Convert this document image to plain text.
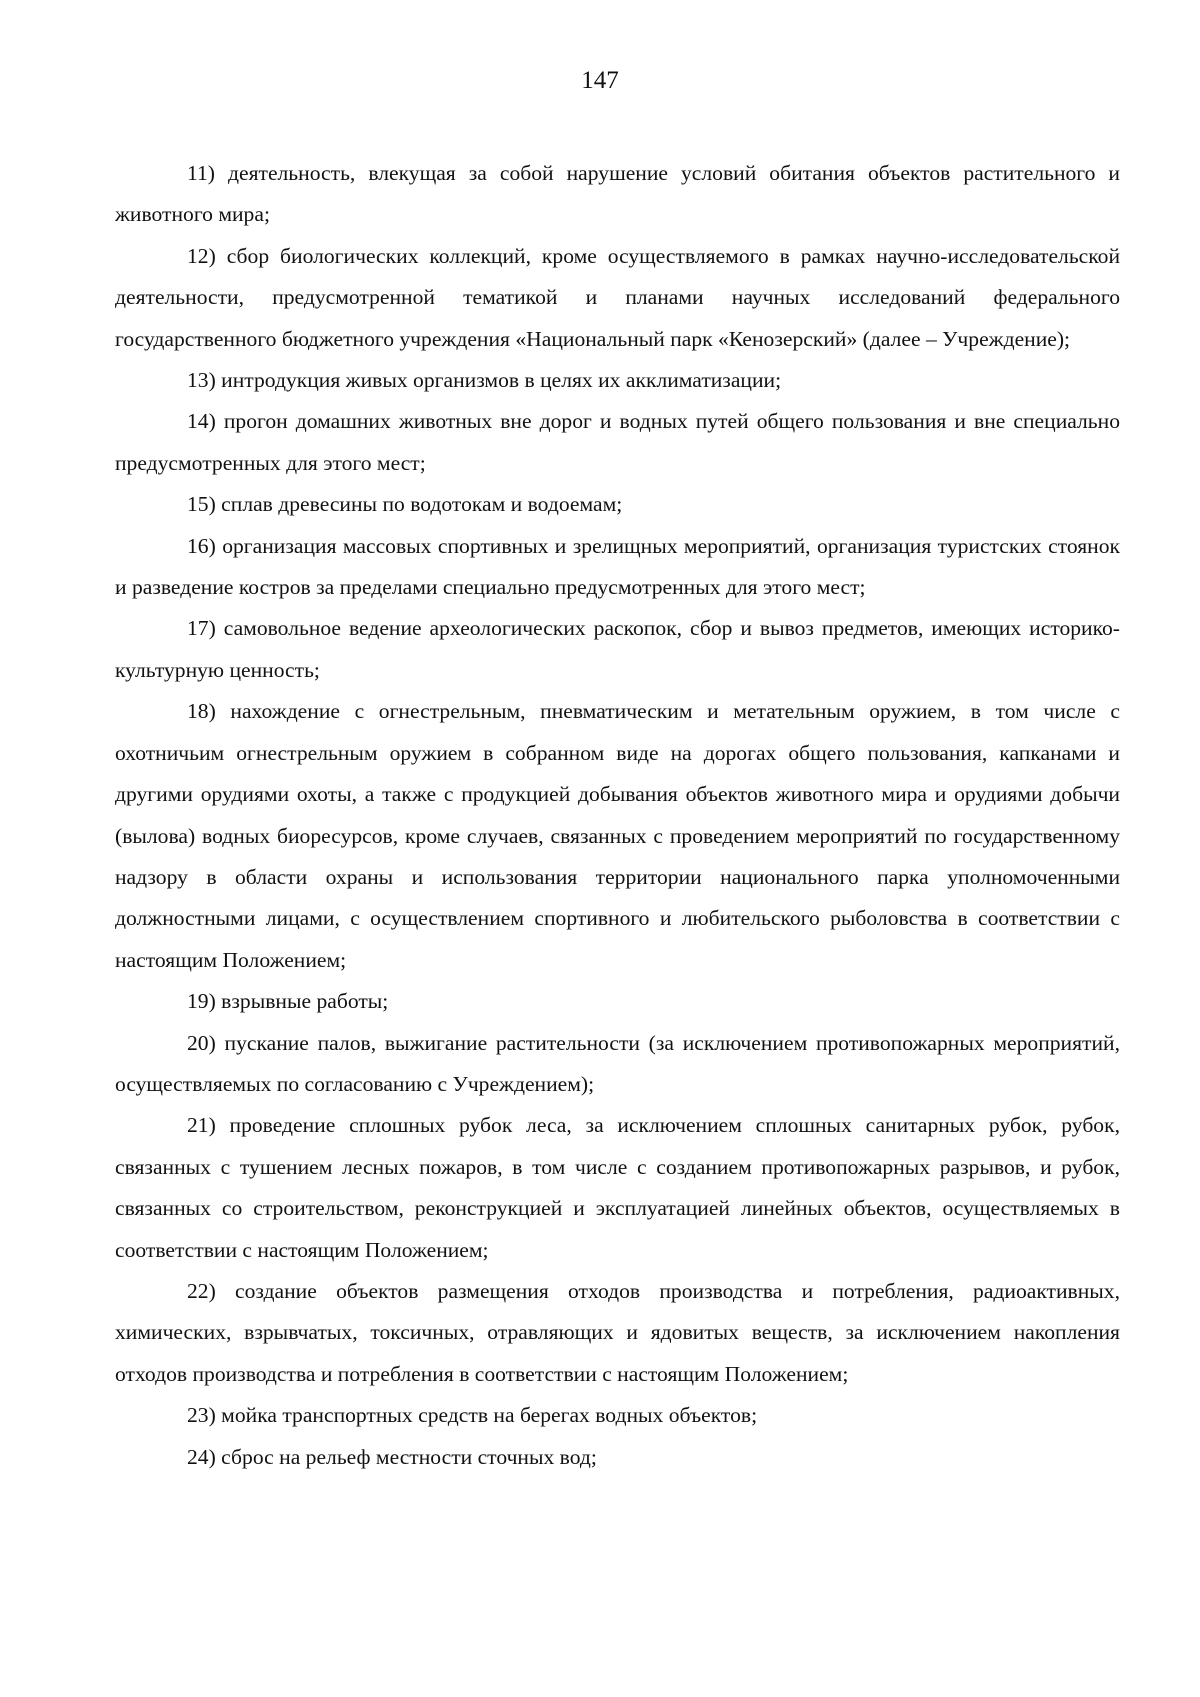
147

11) деятельность, влекущая за собой нарушение условий обитания объектов растительного и животного мира;

12) сбор биологических коллекций, кроме осуществляемого в рамках научно-исследовательской деятельности, предусмотренной тематикой и планами научных исследований федерального государственного бюджетного учреждения «Национальный парк «Кенозерский» (далее – Учреждение);

13) интродукция живых организмов в целях их акклиматизации;

14) прогон домашних животных вне дорог и водных путей общего пользования и вне специально предусмотренных для этого мест;

15) сплав древесины по водотокам и водоемам;

16) организация массовых спортивных и зрелищных мероприятий, организация туристских стоянок и разведение костров за пределами специально предусмотренных для этого мест;

17) самовольное ведение археологических раскопок, сбор и вывоз предметов, имеющих историко-культурную ценность;

18) нахождение с огнестрельным, пневматическим и метательным оружием, в том числе с охотничьим огнестрельным оружием в собранном виде на дорогах общего пользования, капканами и другими орудиями охоты, а также с продукцией добывания объектов животного мира и орудиями добычи (вылова) водных биоресурсов, кроме случаев, связанных с проведением мероприятий по государственному надзору в области охраны и использования территории национального парка уполномоченными должностными лицами, с осуществлением спортивного и любительского рыболовства в соответствии с настоящим Положением;

19) взрывные работы;

20) пускание палов, выжигание растительности (за исключением противопожарных мероприятий, осуществляемых по согласованию с Учреждением);

21) проведение сплошных рубок леса, за исключением сплошных санитарных рубок, рубок, связанных с тушением лесных пожаров, в том числе с созданием противопожарных разрывов, и рубок, связанных со строительством, реконструкцией и эксплуатацией линейных объектов, осуществляемых в соответствии с настоящим Положением;

22) создание объектов размещения отходов производства и потребления, радиоактивных, химических, взрывчатых, токсичных, отравляющих и ядовитых веществ, за исключением накопления отходов производства и потребления в соответствии с настоящим Положением;

23) мойка транспортных средств на берегах водных объектов;

24) сброс на рельеф местности сточных вод;
